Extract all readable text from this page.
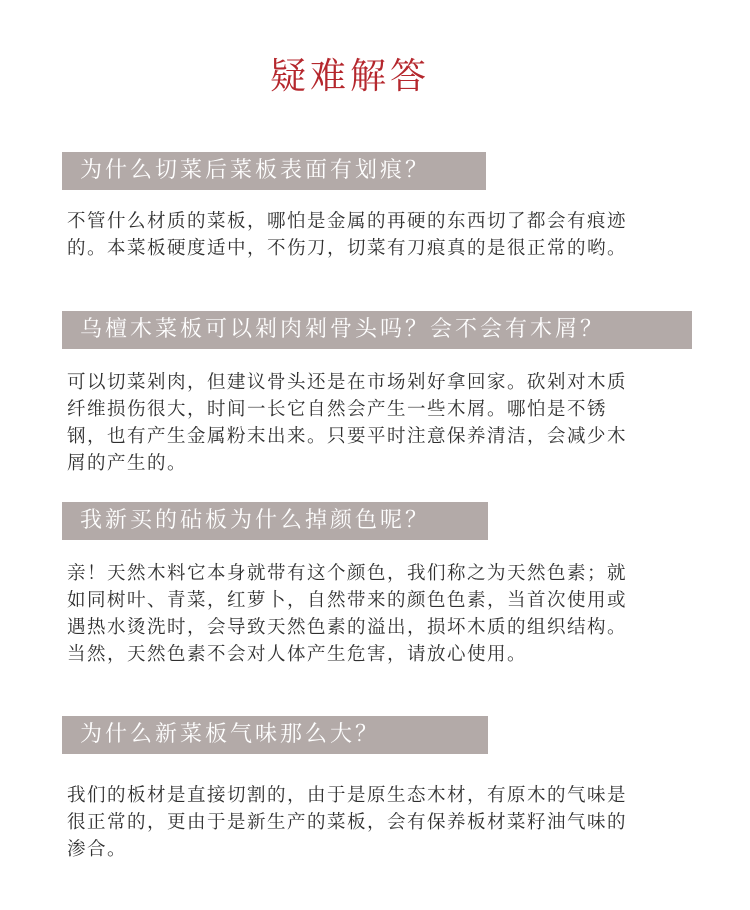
疑难解答
为什么切菜后菜板表面有划痕？
不管什么材质的菜板，哪怕是金属的再硬的东西切了都会有痕迹的。本菜板硬度适中，不伤刀，切菜有刀痕真的是很正常的哟。
乌檀木菜板可以剁肉剁骨头吗？会不会有木屑？
可以切菜剁肉，但建议骨头还是在市场剁好拿回家。砍剁对木质纤维损伤很大，时间一长它自然会产生一些木屑。哪怕是不锈钢，也有产生金属粉末出来。只要平时注意保养清洁，会减少木屑的产生的。
我新买的砧板为什么掉颜色呢？
亲！天然木料它本身就带有这个颜色，我们称之为天然色素；就如同树叶、青菜，红萝卜，自然带来的颜色色素，当首次使用或遇热水烫洗时，会导致天然色素的溢出，损坏木质的组织结构。当然，天然色素不会对人体产生危害，请放心使用。
为什么新菜板气味那么大？
我们的板材是直接切割的，由于是原生态木材，有原木的气味是很正常的，更由于是新生产的菜板，会有保养板材菜籽油气味的渗合。
